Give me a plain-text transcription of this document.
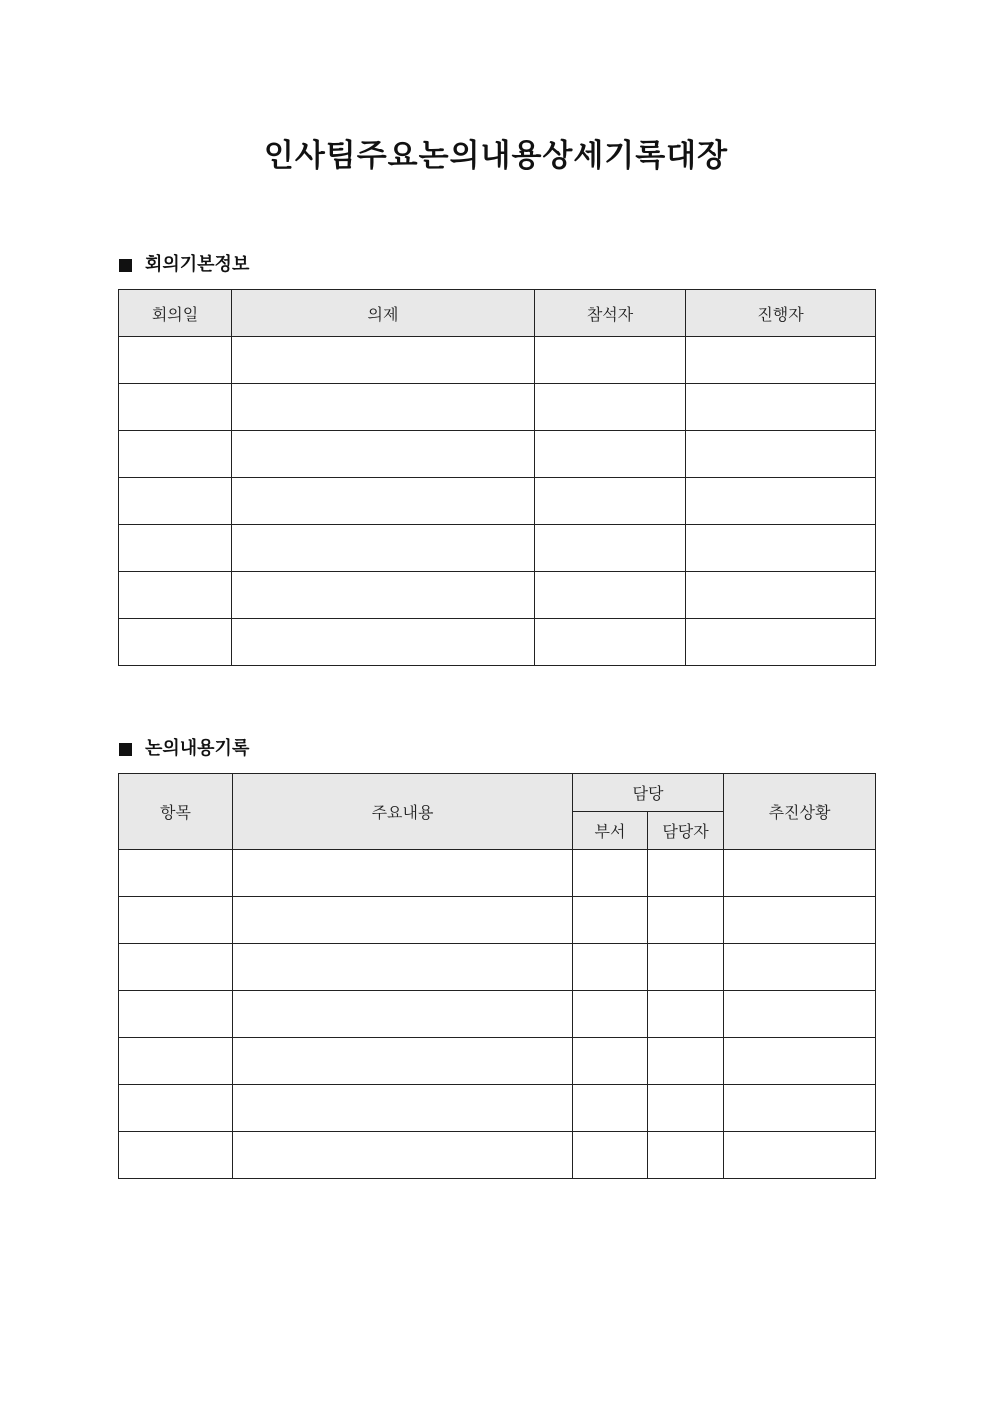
인사팀주요논의내용상세기록대장
회의기본정보
회의일	의제	참석자	진행자

논의내용기록
항목	주요내용	담당		추진상황
		부서	담당자	
